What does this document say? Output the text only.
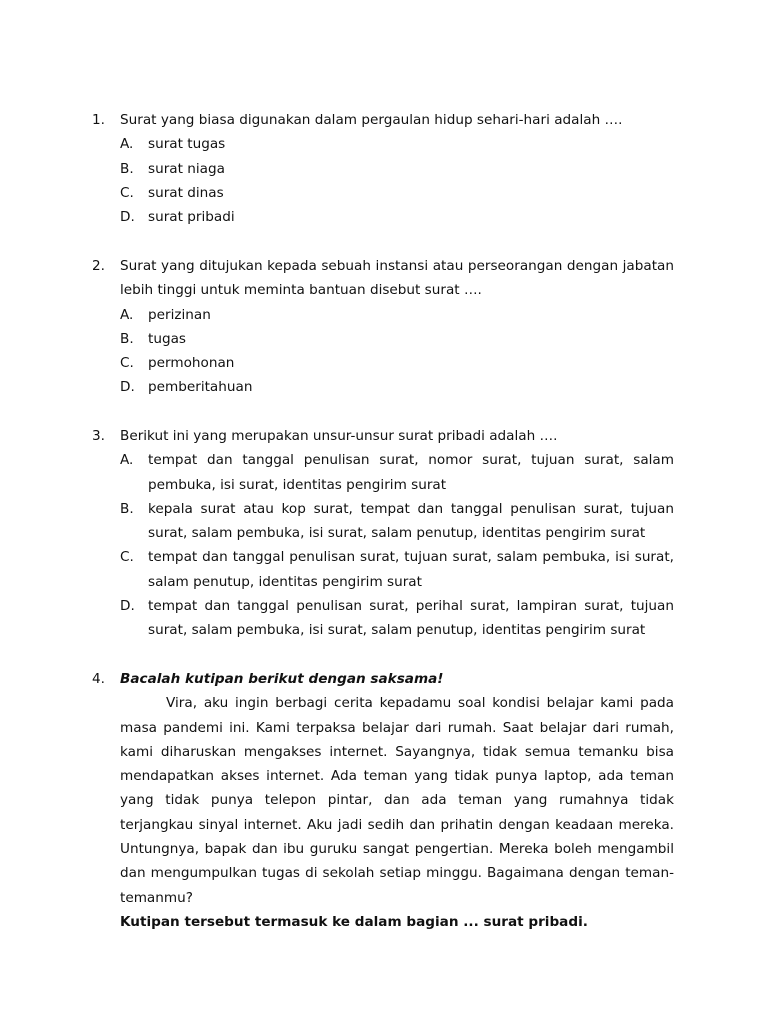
1.	Surat yang biasa digunakan dalam pergaulan hidup sehari-hari adalah ….
A. surat tugas
B. surat niaga
C. surat dinas
D. surat pribadi
2.	Surat yang ditujukan kepada sebuah instansi atau perseorangan dengan jabatan lebih tinggi untuk meminta bantuan disebut surat ….
A. perizinan
B. tugas
C. permohonan
D. pemberitahuan
3.	Berikut ini yang merupakan unsur-unsur surat pribadi adalah ….
A. tempat dan tanggal penulisan surat, nomor surat, tujuan surat, salam pembuka, isi surat, identitas pengirim surat
B. kepala surat atau kop surat, tempat dan tanggal penulisan surat, tujuan surat, salam pembuka, isi surat, salam penutup, identitas pengirim surat
C. tempat dan tanggal penulisan surat, tujuan surat, salam pembuka, isi surat, salam penutup, identitas pengirim surat
D. tempat dan tanggal penulisan surat, perihal surat, lampiran surat, tujuan surat, salam pembuka, isi surat, salam penutup, identitas pengirim surat
4.	Bacalah kutipan berikut dengan saksama!
Vira, aku ingin berbagi cerita kepadamu soal kondisi belajar kami pada masa pandemi ini. Kami terpaksa belajar dari rumah. Saat belajar dari rumah, kami diharuskan mengakses internet. Sayangnya, tidak semua temanku bisa mendapatkan akses internet. Ada teman yang tidak punya laptop, ada teman yang tidak punya telepon pintar, dan ada teman yang rumahnya tidak terjangkau sinyal internet. Aku jadi sedih dan prihatin dengan keadaan mereka. Untungnya, bapak dan ibu guruku sangat pengertian. Mereka boleh mengambil dan mengumpulkan tugas di sekolah setiap minggu. Bagaimana dengan teman-temanmu?
Kutipan tersebut termasuk ke dalam bagian ... surat pribadi.
